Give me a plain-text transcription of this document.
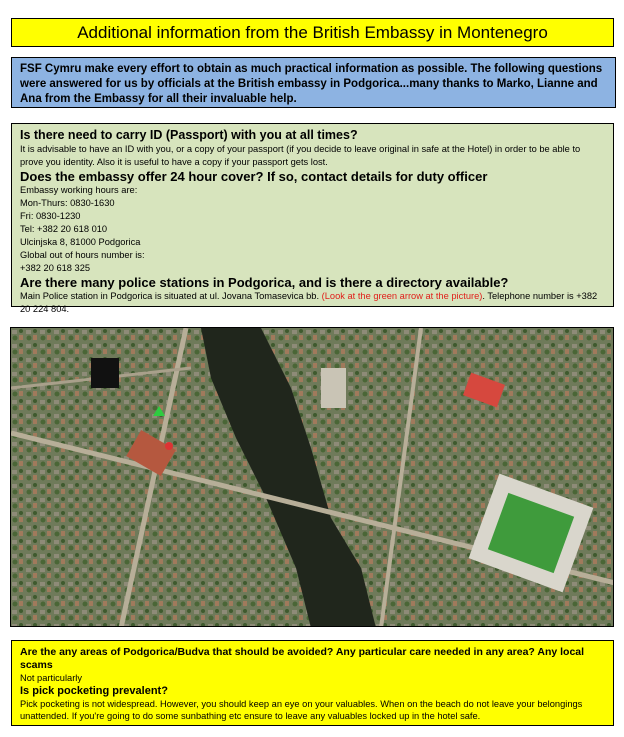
Additional information from the British Embassy in Montenegro
FSF Cymru make every effort to obtain as much practical information as possible. The following questions were answered for us by officials at the British embassy in Podgorica...many thanks to Marko, Lianne and Ana from the Embassy for all their invaluable help.
Is there need to carry ID (Passport) with you at all times?
It is advisable to have an ID with you, or a copy of your passport (if you decide to leave original in safe at the Hotel) in order to be able to prove you identity. Also it is useful to have a copy if your passport gets lost.
Does the embassy offer 24 hour cover? If so, contact details for duty officer
Embassy working hours are:
Mon-Thurs: 0830-1630
Fri: 0830-1230
Tel: +382 20 618 010
Ulcinjska 8, 81000 Podgorica
Global out of hours number is:
+382 20 618 325
Are there many police stations in Podgorica, and is there a directory available?
Main Police station in Podgorica is situated at ul. Jovana Tomasevica bb. (Look at the green arrow at the picture). Telephone number is +382 20 224 804.
Are the any areas of Podgorica/Budva that should be avoided? Any particular care needed in any area? Any local scams
Not particularly
Is pick pocketing prevalent?
Pick pocketing is not widespread. However, you should keep an eye on your valuables. When on the beach do not leave your belongings unattended. If you're going to do some sunbathing etc ensure to leave any valuables locked up in the hotel safe.
